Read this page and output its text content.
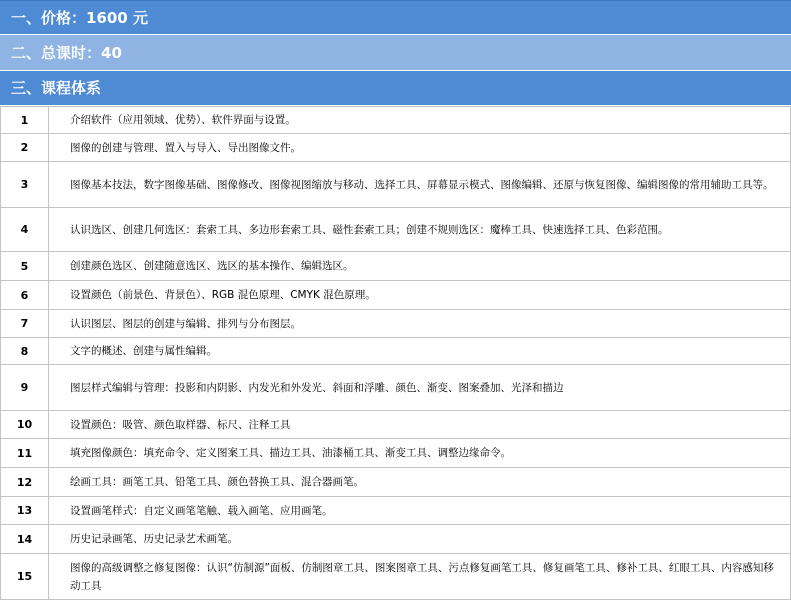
一、价格：1600 元
二、总课时：40
三、课程体系
1	介绍软件（应用领域、优势）、软件界面与设置。
2	图像的创建与管理、置入与导入、导出图像文件。
3	图像基本技法，数字图像基础、图像修改、图像视图缩放与移动、选择工具、屏幕显示模式、图像编辑、还原与恢复图像、编辑图像的常用辅助工具等。
4	认识选区、创建几何选区：套索工具、多边形套索工具、磁性套索工具；创建不规则选区：魔棒工具、快速选择工具、色彩范围。
5	创建颜色选区、创建随意选区、选区的基本操作、编辑选区。
6	设置颜色（前景色、背景色）、RGB 混色原理、CMYK 混色原理。
7	认识图层、图层的创建与编辑、排列与分布图层。
8	文字的概述、创建与属性编辑。
9	图层样式编辑与管理：投影和内阴影、内发光和外发光、斜面和浮雕、颜色、渐变、图案叠加、光泽和描边
10	设置颜色：吸管、颜色取样器、标尺、注释工具
11	填充图像颜色：填充命令、定义图案工具、描边工具、油漆桶工具、渐变工具、调整边缘命令。
12	绘画工具：画笔工具、铅笔工具、颜色替换工具、混合器画笔。
13	设置画笔样式：自定义画笔笔触、载入画笔、应用画笔。
14	历史记录画笔、历史记录艺术画笔。
15	图像的高级调整之修复图像：认识“仿制源”面板、仿制图章工具、图案图章工具、污点修复画笔工具、修复画笔工具、修补工具、红眼工具、内容感知移动工具
